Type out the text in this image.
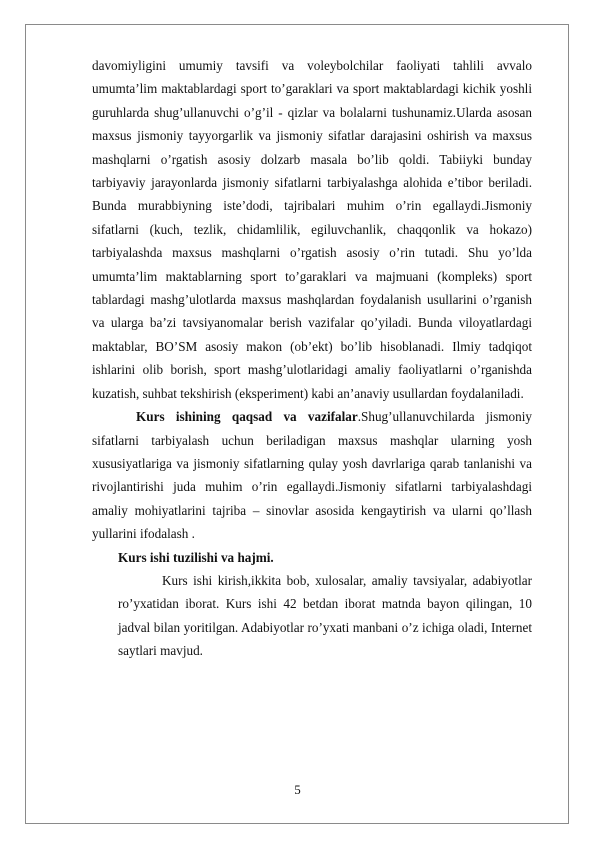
davomiyligini umumiy tavsifi va voleybolchilar faoliyati tahlili avvalo umumta’lim maktablardagi sport to’garaklari va sport maktablardagi kichik yoshli guruhlarda shug’ullanuvchi o’g’il - qizlar va bolalarni tushunamiz.Ularda asosan maxsus jismoniy tayyorgarlik va jismoniy sifatlar darajasini oshirish va maxsus mashqlarni o’rgatish asosiy dolzarb masala bo’lib qoldi. Tabiiyki bunday tarbiyaviy jarayonlarda jismoniy sifatlarni tarbiyalashga alohida e’tibor beriladi. Bunda murabbiyning iste’dodi, tajribalari muhim o’rin egallaydi.Jismoniy sifatlarni (kuch, tezlik, chidamlilik, egiluvchanlik, chaqqonlik va hokazo) tarbiyalashda maxsus mashqlarni o’rgatish asosiy o’rin tutadi. Shu yo’lda umumta’lim maktablarning sport to’garaklari va majmuani (kompleks) sport tablardagi mashg’ulotlarda maxsus mashqlardan foydalanish usullarini o’rganish va ularga ba’zi tavsiyanomalar berish vazifalar qo’yiladi. Bunda viloyatlardagi maktablar, BO’SM asosiy makon (ob’ekt) bo’lib hisoblanadi. Ilmiy tadqiqot ishlarini olib borish, sport mashg’ulotlaridagi amaliy faoliyatlarni o’rganishda kuzatish, suhbat tekshirish (eksperiment) kabi an’anaviy usullardan foydalaniladi.

Kurs ishining qaqsad va vazifalar.Shug’ullanuvchilarda jismoniy sifatlarni tarbiyalash uchun beriladigan maxsus mashqlar ularning yosh xususiyatlariga va jismoniy sifatlarning qulay yosh davrlariga qarab tanlanishi va rivojlantirishi juda muhim o’rin egallaydi.Jismoniy sifatlarni tarbiyalashdagi amaliy mohiyatlarini tajriba – sinovlar asosida kengaytirish va ularni qo’llash yullarini ifodalash .

Kurs ishi tuzilishi va hajmi.

Kurs ishi kirish,ikkita bob, xulosalar, amaliy tavsiyalar, adabiyotlar ro’yxatidan iborat. Kurs ishi 42 betdan iborat matnda bayon qilingan, 10 jadval bilan yoritilgan. Adabiyotlar ro’yxati manbani o’z ichiga oladi, Internet saytlari mavjud.

5
